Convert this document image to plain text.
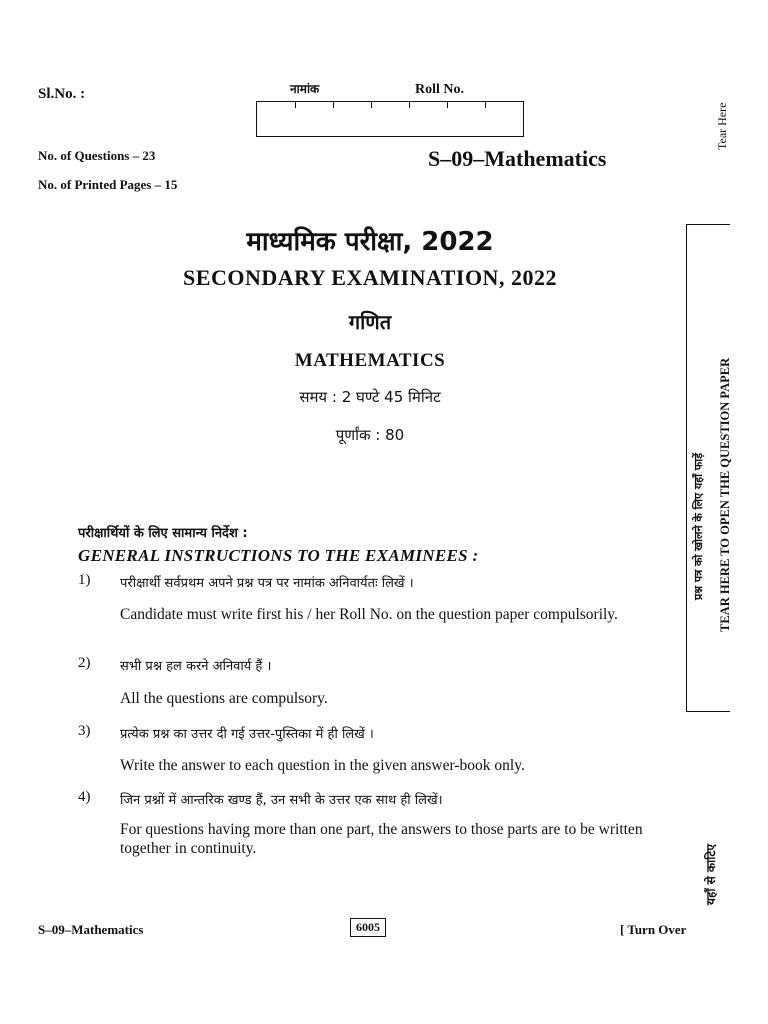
Sl.No. :	नामांक	Roll No.
No. of Questions – 23
No. of Printed Pages – 15
S–09–Mathematics
Tear Here
माध्यमिक परीक्षा, 2022
SECONDARY EXAMINATION, 2022
गणित
MATHEMATICS
समय : 2 घण्टे 45 मिनिट
पूर्णांक : 80
परीक्षार्थियों के लिए सामान्य निर्देश :
GENERAL INSTRUCTIONS TO THE EXAMINEES :
1) परीक्षार्थी सर्वप्रथम अपने प्रश्न पत्र पर नामांक अनिवार्यतः लिखें ।
Candidate must write first his / her Roll No. on the question paper compulsorily.
2) सभी प्रश्न हल करने अनिवार्य हैं ।
All the questions are compulsory.
3) प्रत्येक प्रश्न का उत्तर दी गई उत्तर-पुस्तिका में ही लिखें ।
Write the answer to each question in the given answer-book only.
4) जिन प्रश्नों में आन्तरिक खण्ड हैं, उन सभी के उत्तर एक साथ ही लिखें।
For questions having more than one part, the answers to those parts are to be written together in continuity.
TEAR HERE TO OPEN THE QUESTION PAPER
प्रश्न पत्र को खोलने के लिए यहाँ फाड़ें
यहाँ से काटिए
S–09–Mathematics	6005	[ Turn Over
